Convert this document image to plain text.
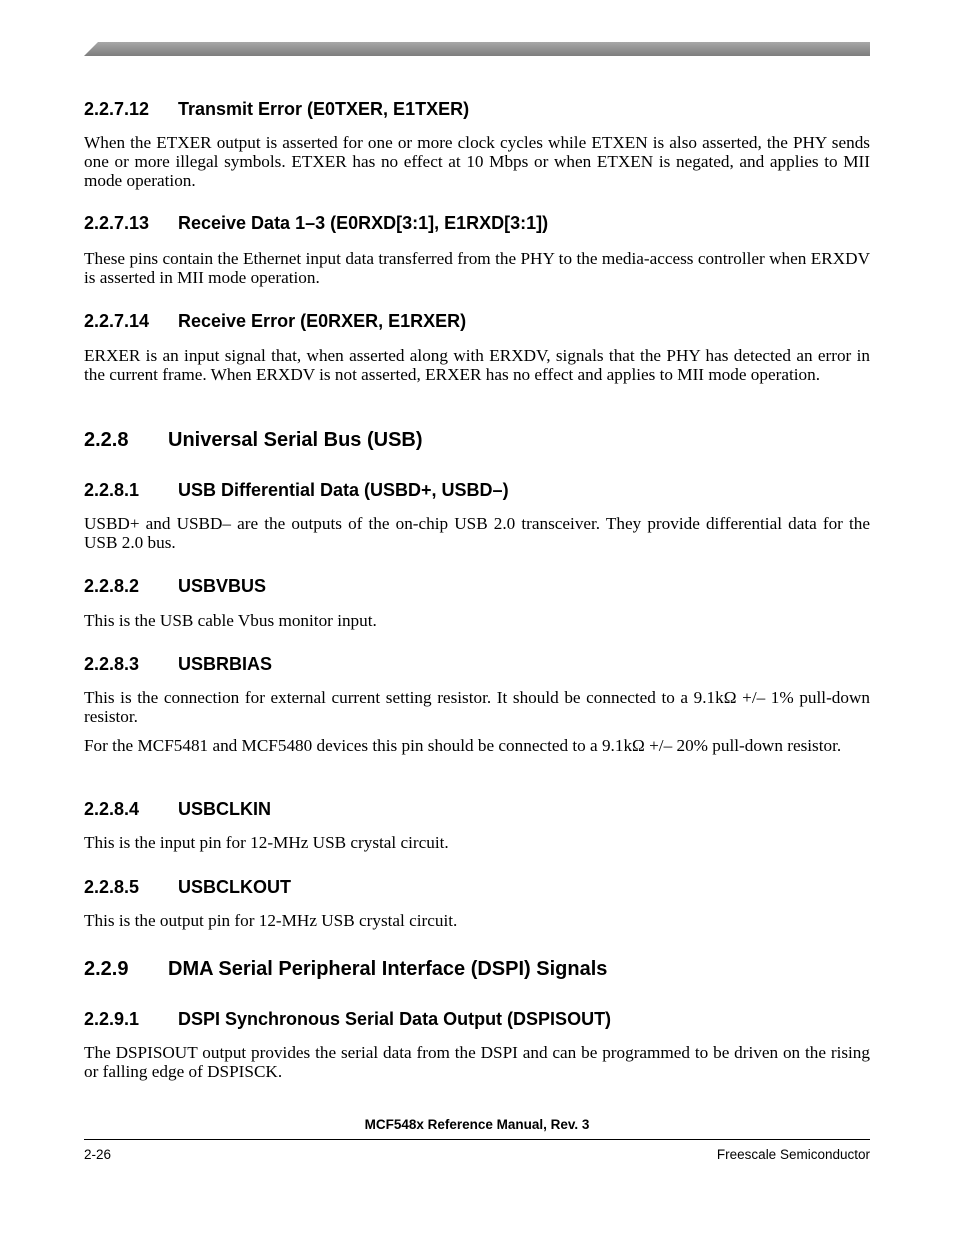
2.2.7.12 Transmit Error (E0TXER, E1TXER)

When the ETXER output is asserted for one or more clock cycles while ETXEN is also asserted, the PHY sends one or more illegal symbols. ETXER has no effect at 10 Mbps or when ETXEN is negated, and applies to MII mode operation.

2.2.7.13 Receive Data 1–3 (E0RXD[3:1], E1RXD[3:1])

These pins contain the Ethernet input data transferred from the PHY to the media-access controller when ERXDV is asserted in MII mode operation.

2.2.7.14 Receive Error (E0RXER, E1RXER)

ERXER is an input signal that, when asserted along with ERXDV, signals that the PHY has detected an error in the current frame. When ERXDV is not asserted, ERXER has no effect and applies to MII mode operation.

2.2.8 Universal Serial Bus (USB)
2.2.8.1 USB Differential Data (USBD+, USBD–)

USBD+ and USBD– are the outputs of the on-chip USB 2.0 transceiver. They provide differential data for the USB 2.0 bus.

2.2.8.2 USBVBUS

This is the USB cable Vbus monitor input.

2.2.8.3 USBRBIAS

This is the connection for external current setting resistor. It should be connected to a 9.1kΩ +/– 1% pull-down resistor.

For the MCF5481 and MCF5480 devices this pin should be connected to a 9.1kΩ +/– 20% pull-down resistor.

2.2.8.4 USBCLKIN

This is the input pin for 12-MHz USB crystal circuit.

2.2.8.5 USBCLKOUT

This is the output pin for 12-MHz USB crystal circuit.

2.2.9 DMA Serial Peripheral Interface (DSPI) Signals
2.2.9.1 DSPI Synchronous Serial Data Output (DSPISOUT)

The DSPISOUT output provides the serial data from the DSPI and can be programmed to be driven on the rising or falling edge of DSPISCK.

MCF548x Reference Manual, Rev. 3
2-26	Freescale Semiconductor
